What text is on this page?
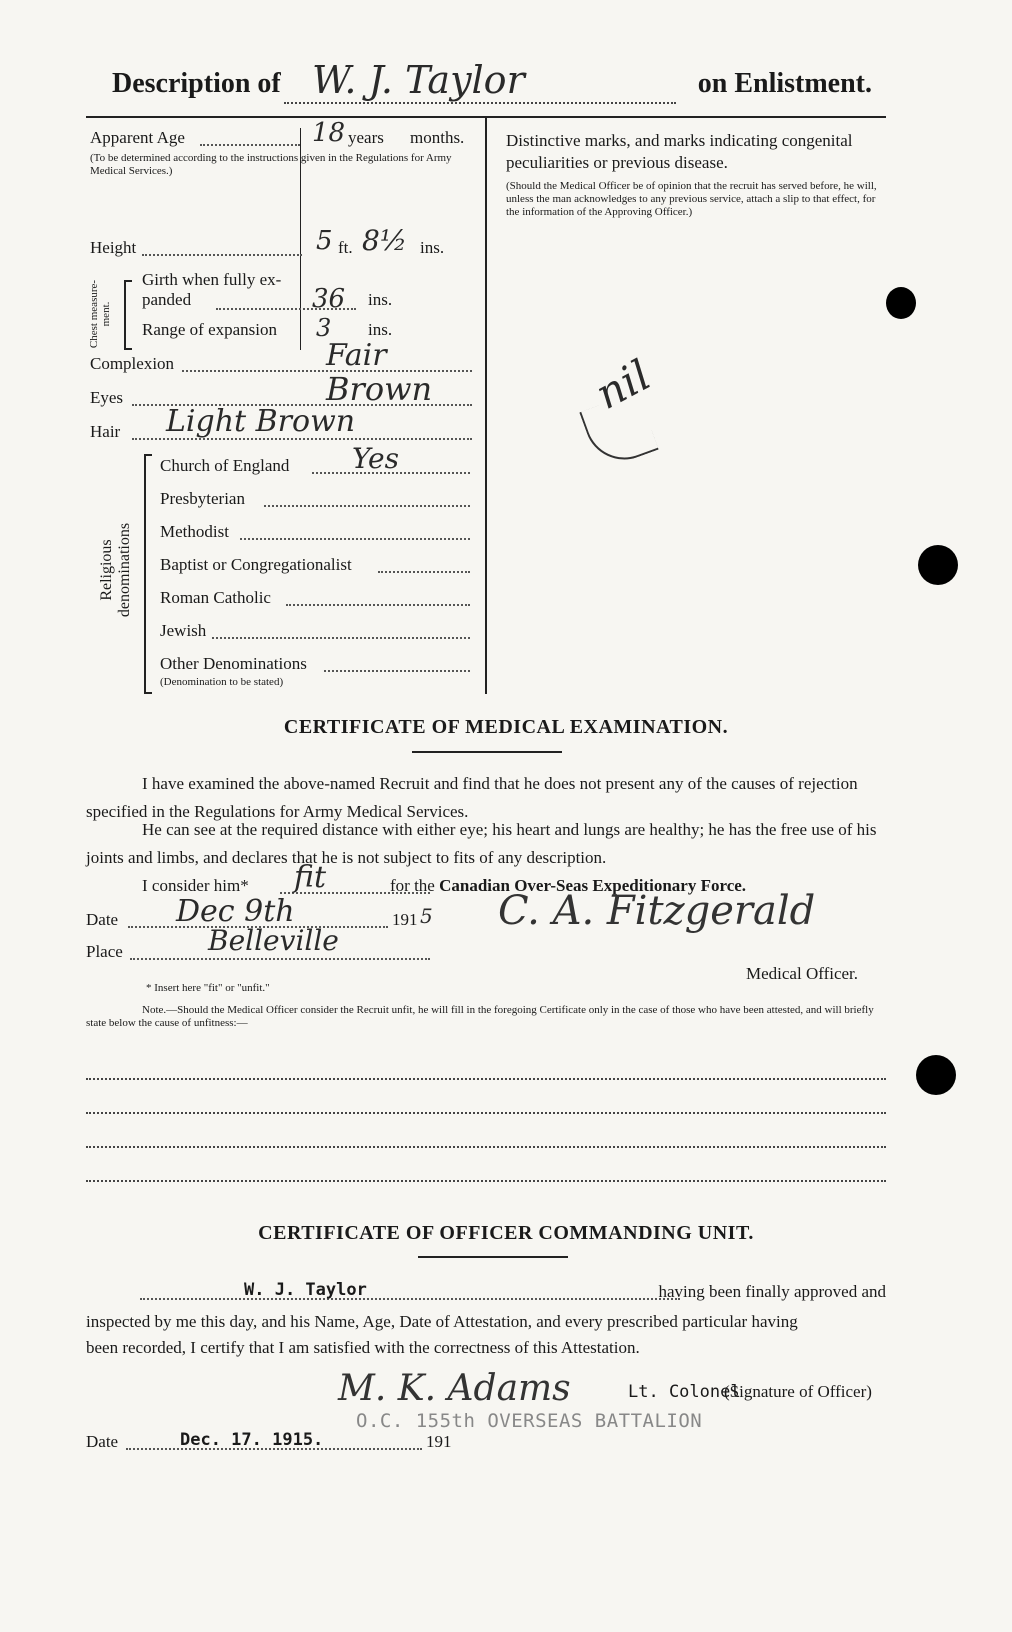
Description of W. J. Taylor	on Enlistment.
Apparent Age	18 years months.
(To be determined according to the instructions given in the Regulations for Army Medical Services.)
Height	5 ft. 8½ ins.
Chest measure-ment.
Girth when fully ex-
panded	36 ins.
Range of expansion 3 ins.
Complexion	Fair
Eyes	Brown
Hair Light Brown
Religious denominations
Church of England Yes
Presbyterian
Methodist
Baptist or Congregationalist
Roman Catholic
Jewish
Other Denominations
(Denomination to be stated)
Distinctive marks, and marks indicating congenital peculiarities or previous disease.
(Should the Medical Officer be of opinion that the recruit has served before, he will, unless the man acknowledges to any previous service, attach a slip to that effect, for the information of the Approving Officer.)
nil
CERTIFICATE OF MEDICAL EXAMINATION.
I have examined the above-named Recruit and find that he does not present any of the causes of rejection specified in the Regulations for Army Medical Services.
He can see at the required distance with either eye; his heart and lungs are healthy; he has the free use of his joints and limbs, and declares that he is not subject to fits of any description.
I consider him* fit	for the Canadian Over-Seas Expeditionary Force.
Date Dec 9th	191 5
Place	Belleville
C. A. Fitzgerald
Medical Officer.
* Insert here "fit" or "unfit."
Note.—Should the Medical Officer consider the Recruit unfit, he will fill in the foregoing Certificate only in the case of those who have been attested, and will briefly state below the cause of unfitness:—
CERTIFICATE OF OFFICER COMMANDING UNIT.
W. J. Taylor	having been finally approved and
inspected by me this day, and his Name, Age, Date of Attestation, and every prescribed particular having
been recorded, I certify that I am satisfied with the correctness of this Attestation.
M. K. Adams	Lt. Colonel
(Signature of Officer)
O.C. 155th OVERSEAS BATTALION
Date	Dec. 17. 1915.	191
